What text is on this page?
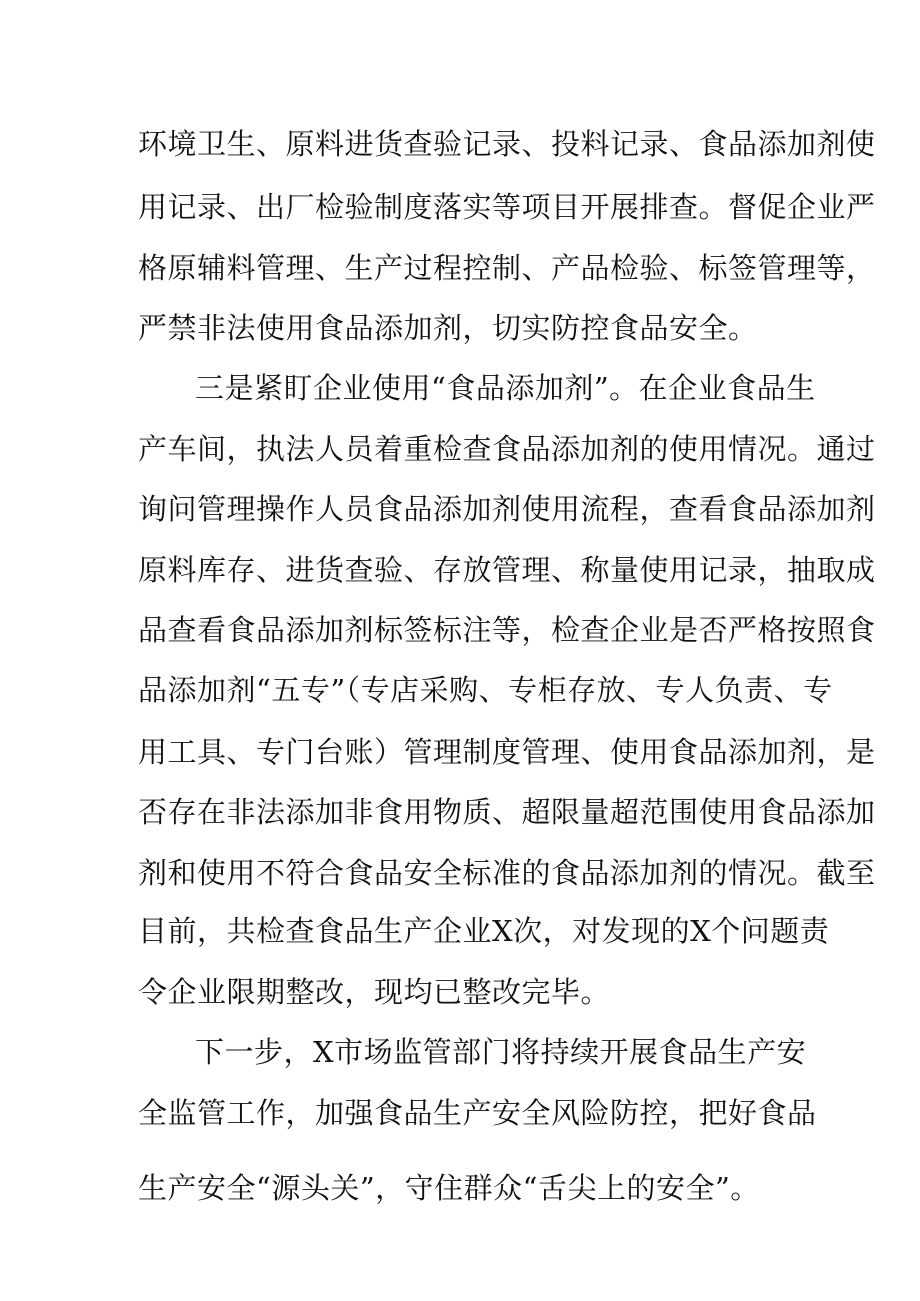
环境卫生、原料进货查验记录、投料记录、食品添加剂使
用记录、出厂检验制度落实等项目开展排查。督促企业严
格原辅料管理、生产过程控制、产品检验、标签管理等，
严禁非法使用食品添加剂，切实防控食品安全。
三是紧盯企业使用“食品添加剂”。在企业食品生
产车间，执法人员着重检查食品添加剂的使用情况。通过
询问管理操作人员食品添加剂使用流程，查看食品添加剂
原料库存、进货查验、存放管理、称量使用记录，抽取成
品查看食品添加剂标签标注等，检查企业是否严格按照食
品添加剂“五专”（专店采购、专柜存放、专人负责、专
用工具、专门台账）管理制度管理、使用食品添加剂，是
否存在非法添加非食用物质、超限量超范围使用食品添加
剂和使用不符合食品安全标准的食品添加剂的情况。截至
目前，共检查食品生产企业X次，对发现的X个问题责
令企业限期整改，现均已整改完毕。
下一步，X市场监管部门将持续开展食品生产安
全监管工作，加强食品生产安全风险防控，把好食品
生产安全“源头关”，守住群众“舌尖上的安全”。
